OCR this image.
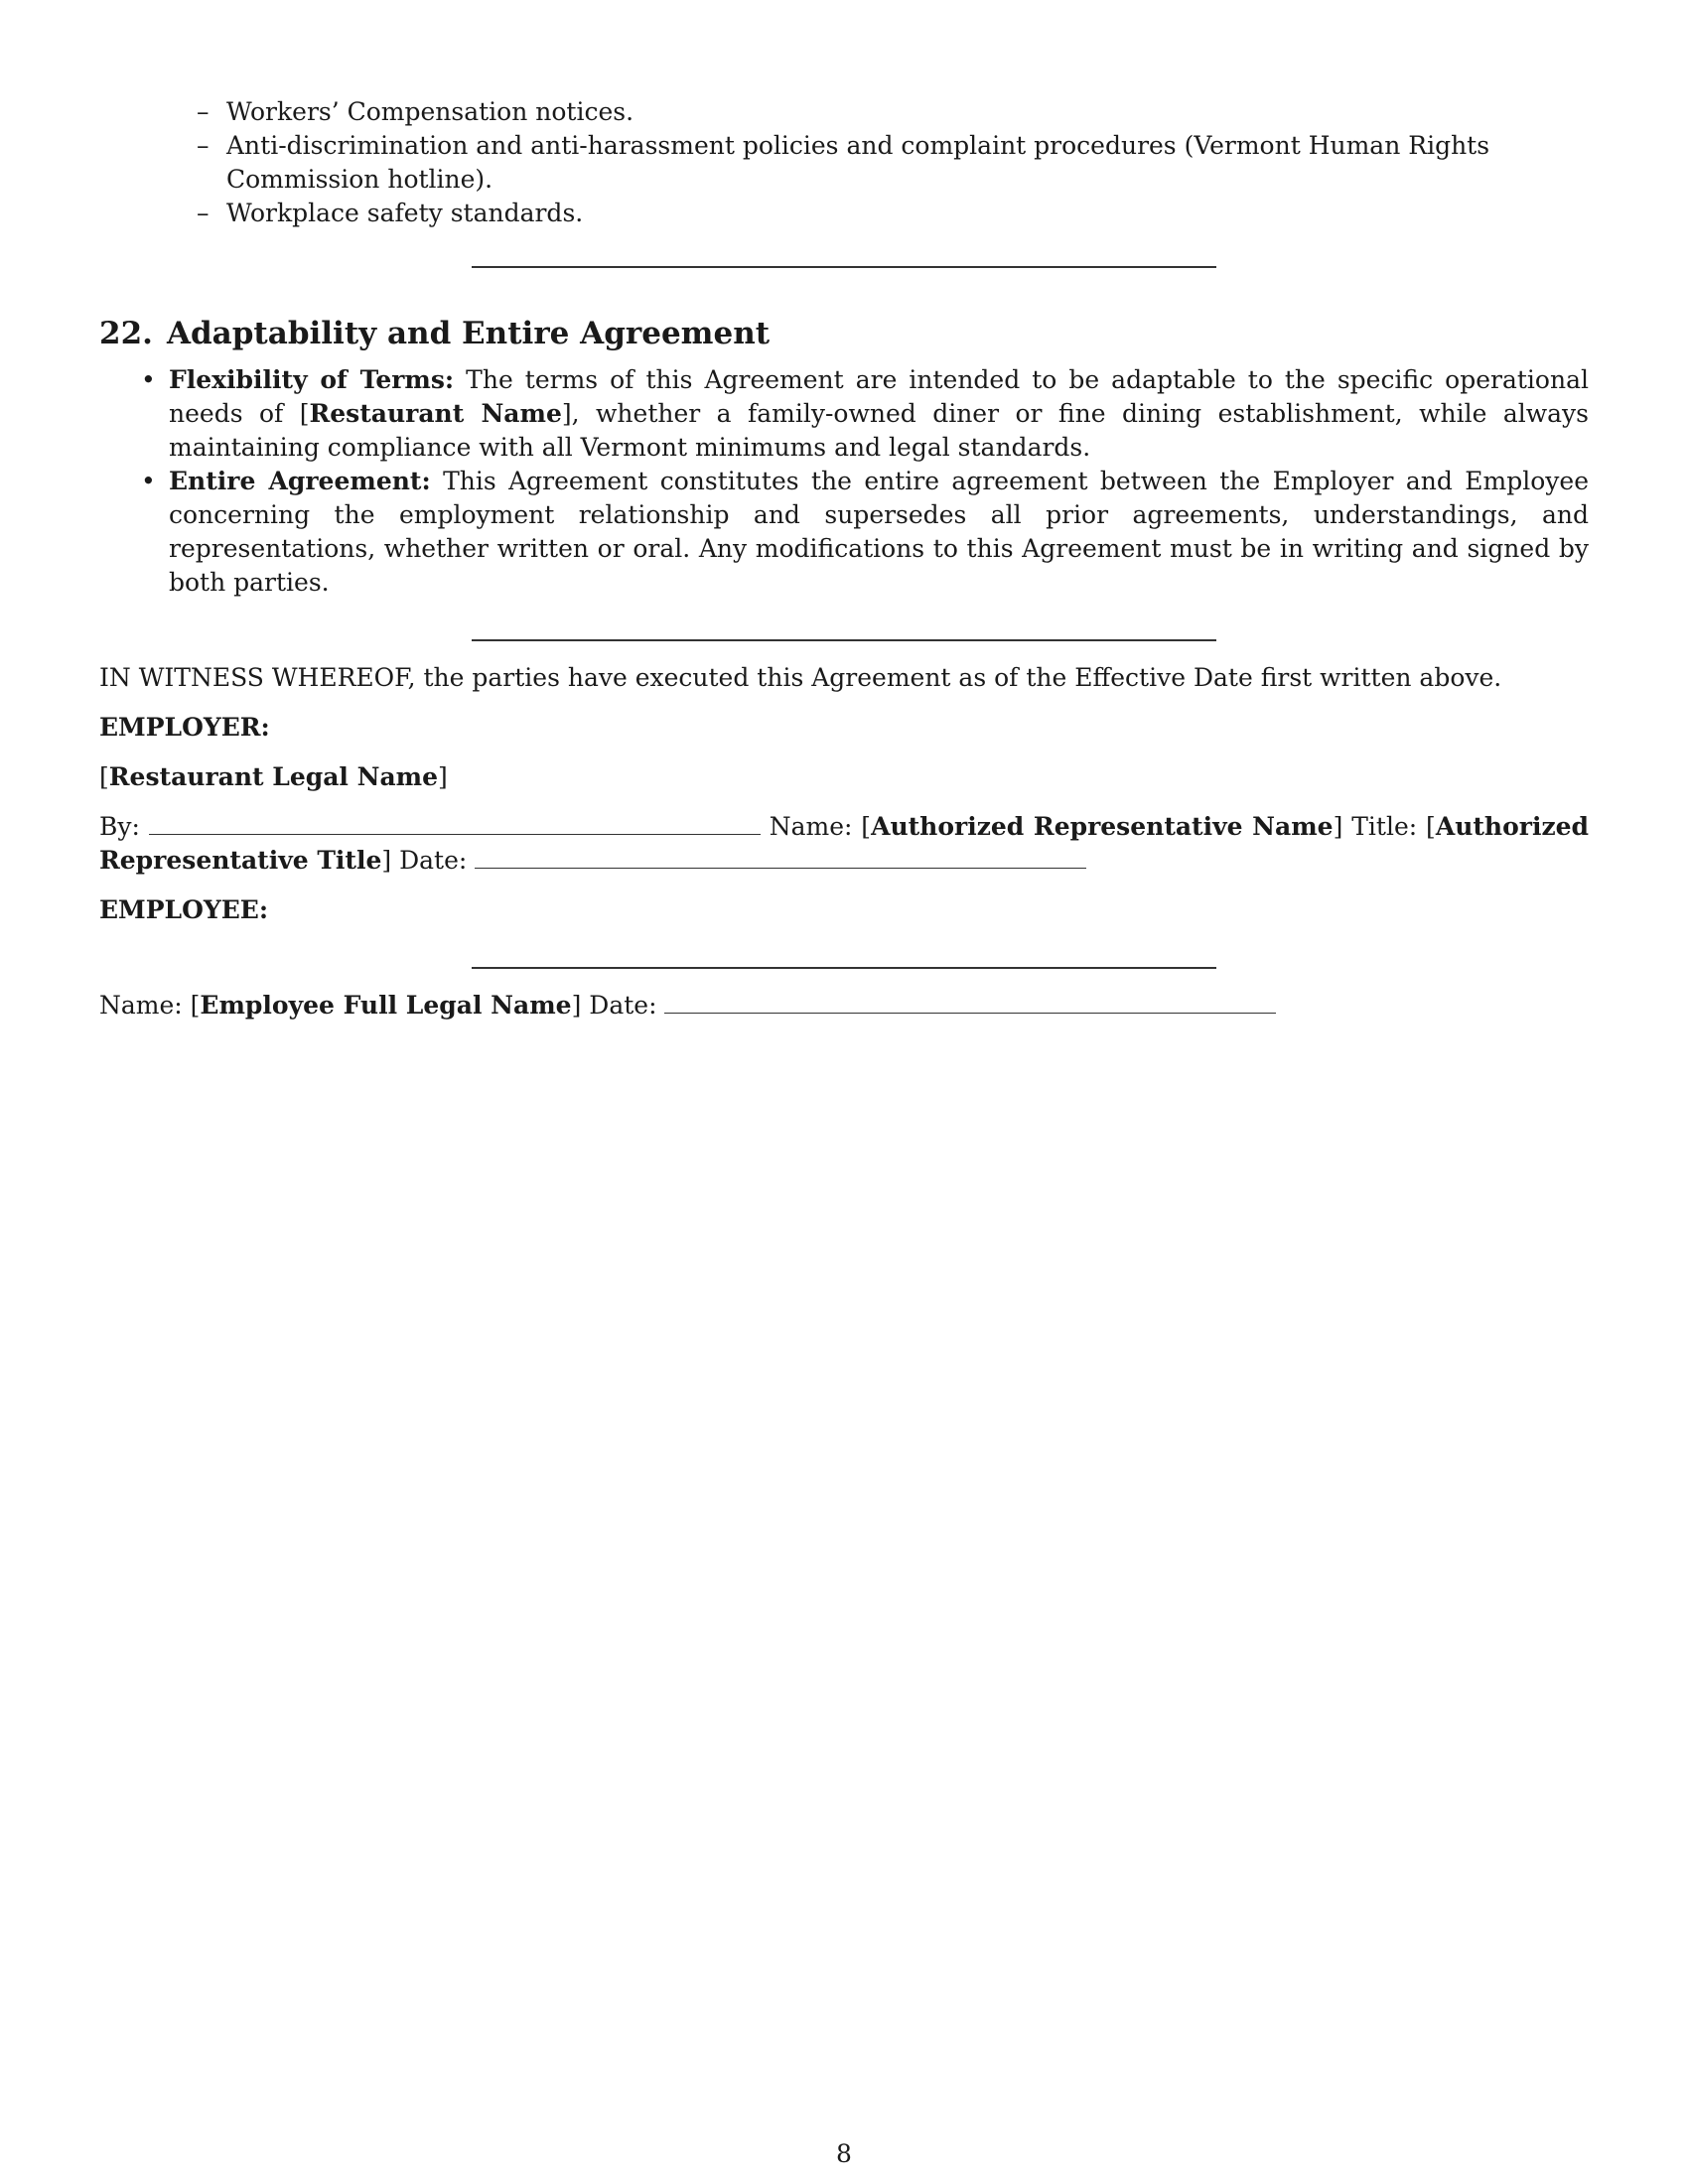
– Workers’ Compensation notices.
– Anti-discrimination and anti-harassment policies and complaint procedures (Vermont Human Rights Commission hotline).
– Workplace safety standards.
22. Adaptability and Entire Agreement
• Flexibility of Terms: The terms of this Agreement are intended to be adaptable to the specific operational needs of [Restaurant Name], whether a family-owned diner or fine dining establishment, while always maintaining compliance with all Vermont minimums and legal standards.
• Entire Agreement: This Agreement constitutes the entire agreement between the Employer and Employee concerning the employment relationship and supersedes all prior agreements, understandings, and representations, whether written or oral. Any modifications to this Agreement must be in writing and signed by both parties.

IN WITNESS WHEREOF, the parties have executed this Agreement as of the Effective Date first written above.

EMPLOYER:

[Restaurant Legal Name]

By:	Name: [Authorized Representative Name] Title: [Authorized Representative Title] Date:

EMPLOYEE:

Name: [Employee Full Legal Name] Date:

8
